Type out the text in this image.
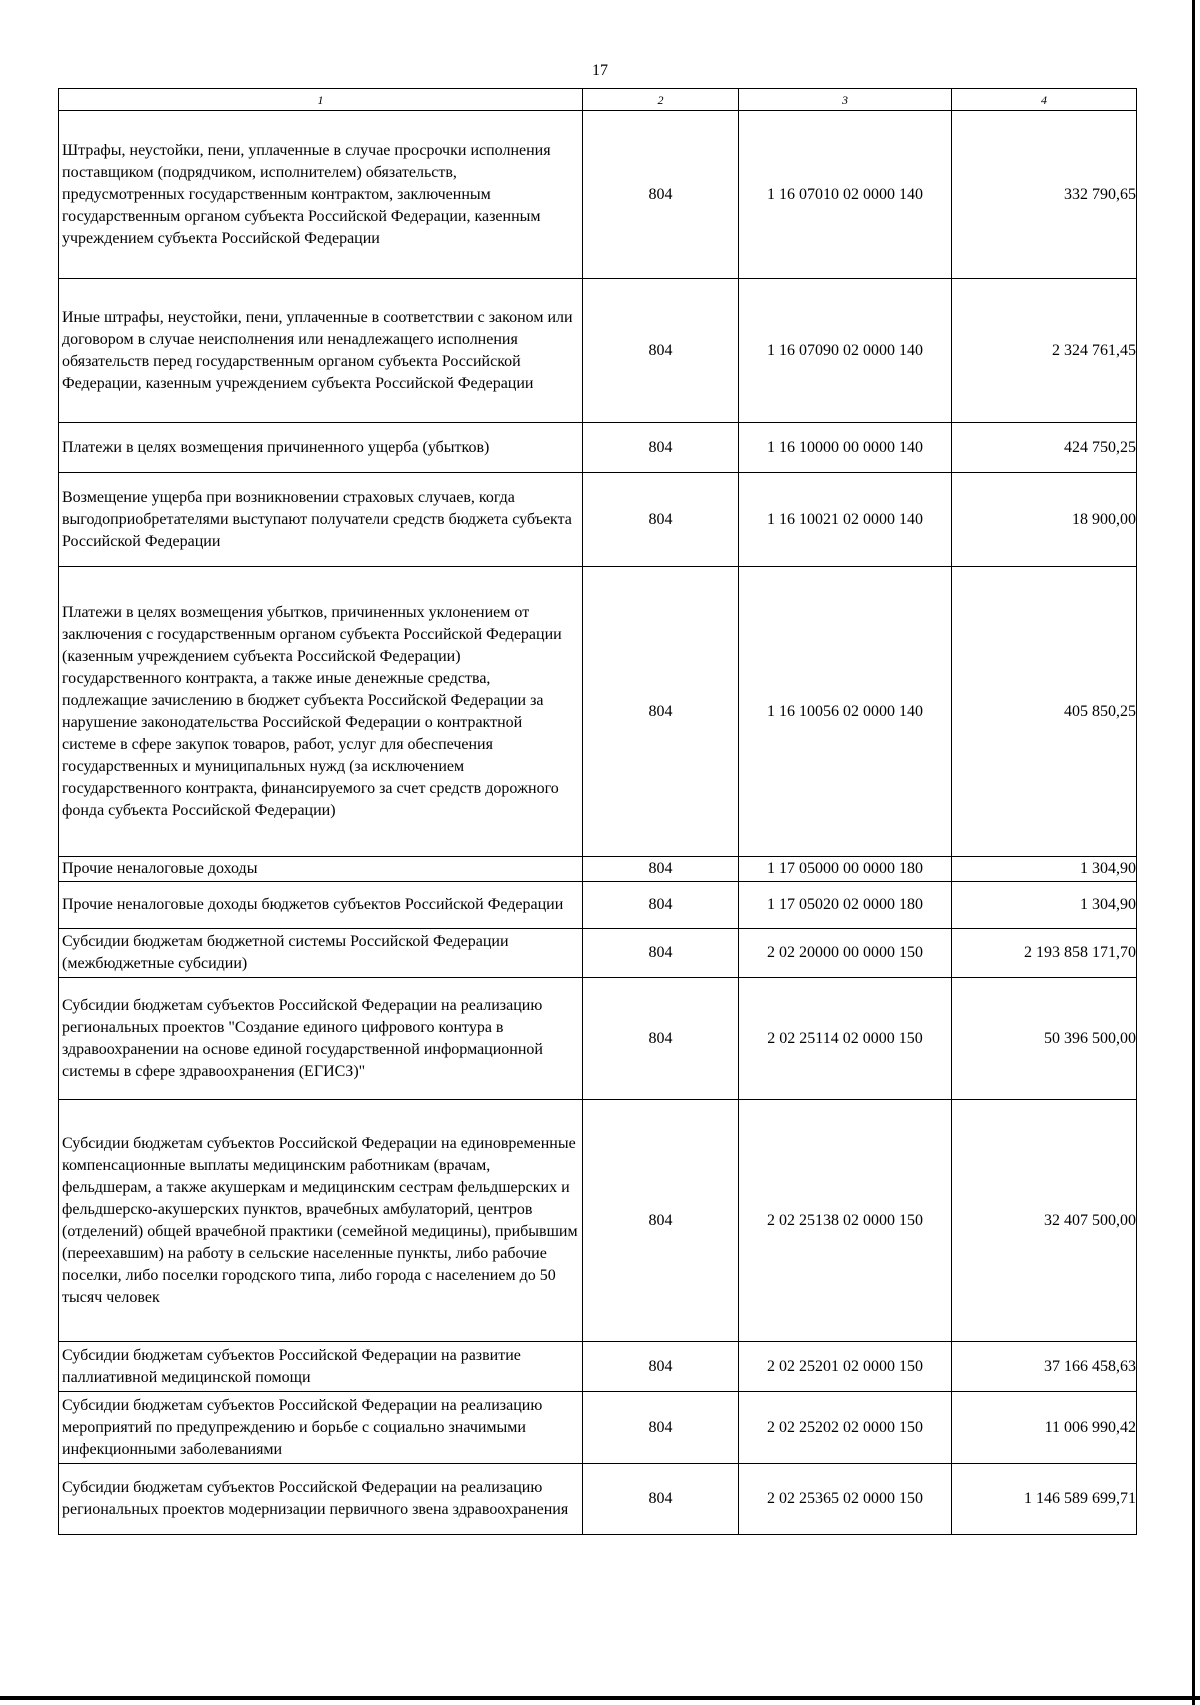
17
1	2	3	4
Штрафы, неустойки, пени, уплаченные в случае просрочки исполнения поставщиком (подрядчиком, исполнителем) обязательств, предусмотренных государственным контрактом, заключенным государственным органом субъекта Российской Федерации, казенным учреждением субъекта Российской Федерации	804	1 16 07010 02 0000 140	332 790,65
Иные штрафы, неустойки, пени, уплаченные в соответствии с законом или договором в случае неисполнения или ненадлежащего исполнения обязательств перед государственным органом субъекта Российской Федерации, казенным учреждением субъекта Российской Федерации	804	1 16 07090 02 0000 140	2 324 761,45
Платежи в целях возмещения причиненного ущерба (убытков)	804	1 16 10000 00 0000 140	424 750,25
Возмещение ущерба при возникновении страховых случаев, когда выгодоприобретателями выступают получатели средств бюджета субъекта Российской Федерации	804	1 16 10021 02 0000 140	18 900,00
Платежи в целях возмещения убытков, причиненных уклонением от заключения с государственным органом субъекта Российской Федерации (казенным учреждением субъекта Российской Федерации) государственного контракта, а также иные денежные средства, подлежащие зачислению в бюджет субъекта Российской Федерации за нарушение законодательства Российской Федерации о контрактной системе в сфере закупок товаров, работ, услуг для обеспечения государственных и муниципальных нужд (за исключением государственного контракта, финансируемого за счет средств дорожного фонда субъекта Российской Федерации)	804	1 16 10056 02 0000 140	405 850,25
Прочие неналоговые доходы	804	1 17 05000 00 0000 180	1 304,90
Прочие неналоговые доходы бюджетов субъектов Российской Федерации	804	1 17 05020 02 0000 180	1 304,90
Субсидии бюджетам бюджетной системы Российской Федерации (межбюджетные субсидии)	804	2 02 20000 00 0000 150	2 193 858 171,70
Субсидии бюджетам субъектов Российской Федерации на реализацию региональных проектов "Создание единого цифрового контура в здравоохранении на основе единой государственной информационной системы в сфере здравоохранения (ЕГИСЗ)"	804	2 02 25114 02 0000 150	50 396 500,00
Субсидии бюджетам субъектов Российской Федерации на единовременные компенсационные выплаты медицинским работникам (врачам, фельдшерам, а также акушеркам и медицинским сестрам фельдшерских и фельдшерско-акушерских пунктов, врачебных амбулаторий, центров (отделений) общей врачебной практики (семейной медицины), прибывшим (переехавшим) на работу в сельские населенные пункты, либо рабочие поселки, либо поселки городского типа, либо города с населением до 50 тысяч человек	804	2 02 25138 02 0000 150	32 407 500,00
Субсидии бюджетам субъектов Российской Федерации на развитие паллиативной медицинской помощи	804	2 02 25201 02 0000 150	37 166 458,63
Субсидии бюджетам субъектов Российской Федерации на реализацию мероприятий по предупреждению и борьбе с социально значимыми инфекционными заболеваниями	804	2 02 25202 02 0000 150	11 006 990,42
Субсидии бюджетам субъектов Российской Федерации на реализацию региональных проектов модернизации первичного звена здравоохранения	804	2 02 25365 02 0000 150	1 146 589 699,71
